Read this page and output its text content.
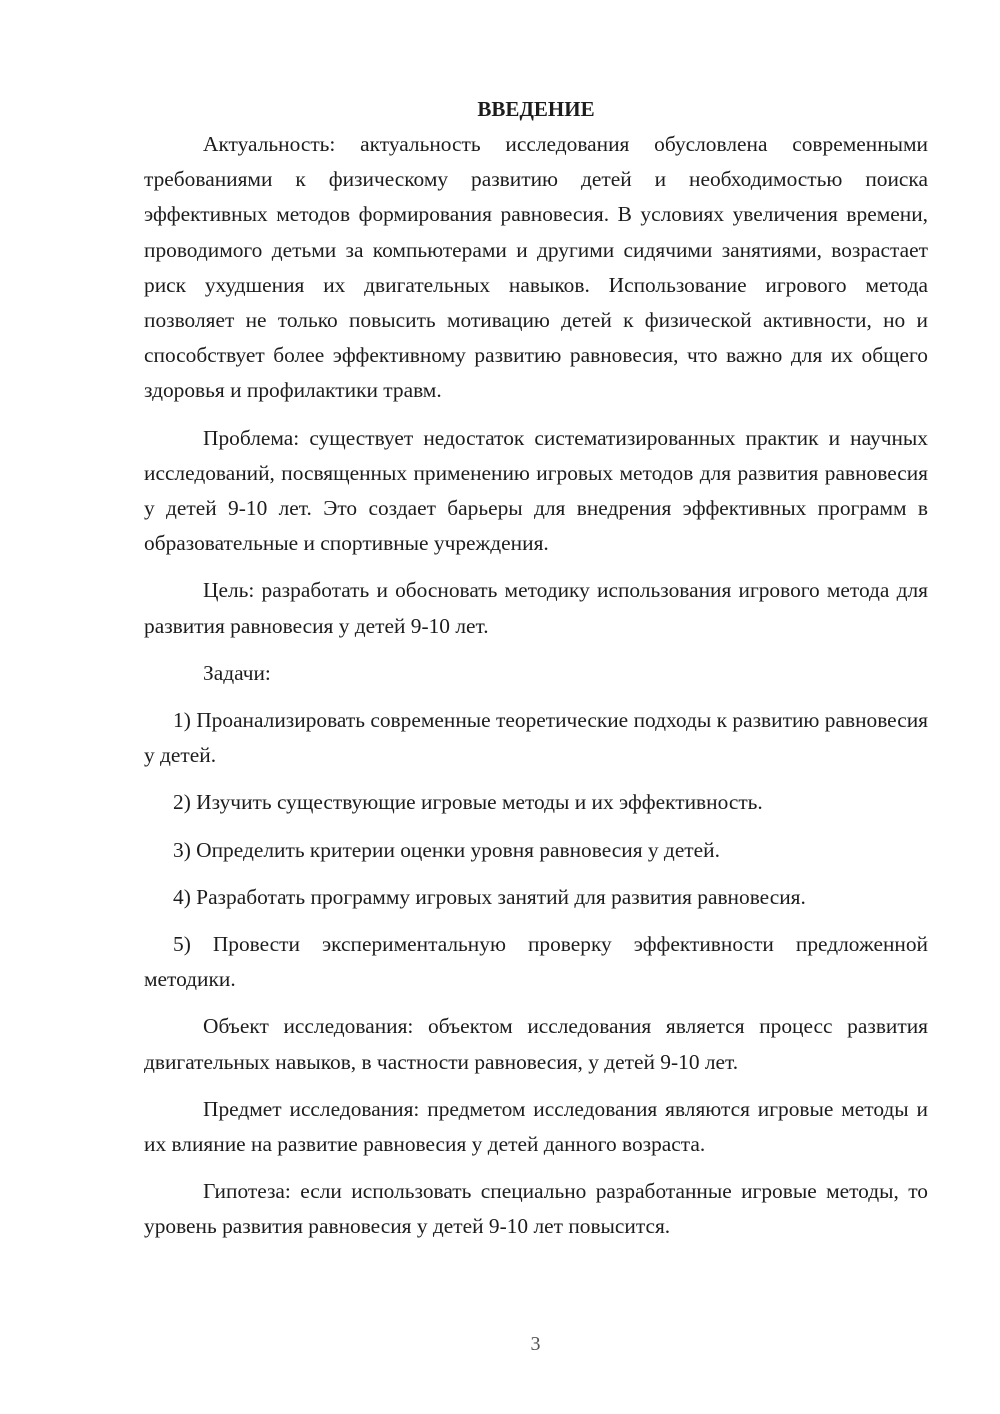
ВВЕДЕНИЕ

Актуальность: актуальность исследования обусловлена современными требованиями к физическому развитию детей и необходимостью поиска эффективных методов формирования равновесия. В условиях увеличения времени, проводимого детьми за компьютерами и другими сидячими занятиями, возрастает риск ухудшения их двигательных навыков. Использование игрового метода позволяет не только повысить мотивацию детей к физической активности, но и способствует более эффективному развитию равновесия, что важно для их общего здоровья и профилактики травм.

Проблема: существует недостаток систематизированных практик и научных исследований, посвященных применению игровых методов для развития равновесия у детей 9-10 лет. Это создает барьеры для внедрения эффективных программ в образовательные и спортивные учреждения.

Цель: разработать и обосновать методику использования игрового метода для развития равновесия у детей 9-10 лет.

Задачи:

1) Проанализировать современные теоретические подходы к развитию равновесия у детей.

2) Изучить существующие игровые методы и их эффективность.

3) Определить критерии оценки уровня равновесия у детей.

4) Разработать программу игровых занятий для развития равновесия.

5) Провести экспериментальную проверку эффективности предложенной методики.

Объект исследования: объектом исследования является процесс развития двигательных навыков, в частности равновесия, у детей 9-10 лет.

Предмет исследования: предметом исследования являются игровые методы и их влияние на развитие равновесия у детей данного возраста.

Гипотеза: если использовать специально разработанные игровые методы, то уровень развития равновесия у детей 9-10 лет повысится.

3
